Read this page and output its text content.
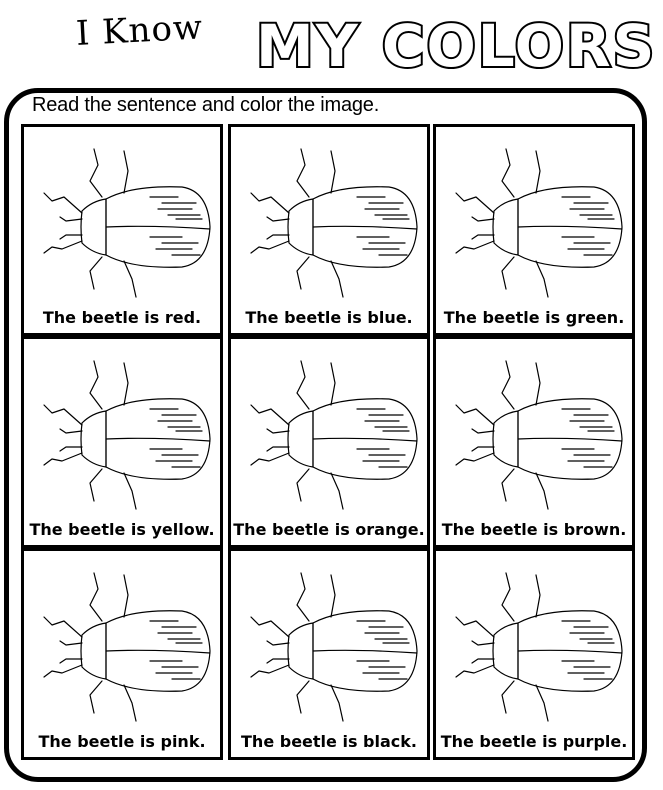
I Know MY COLORS
Read the sentence and color the image.
The beetle is red.	The beetle is blue.	The beetle is green.
The beetle is yellow.	The beetle is orange.	The beetle is brown.
The beetle is pink.	The beetle is black.	The beetle is purple.
